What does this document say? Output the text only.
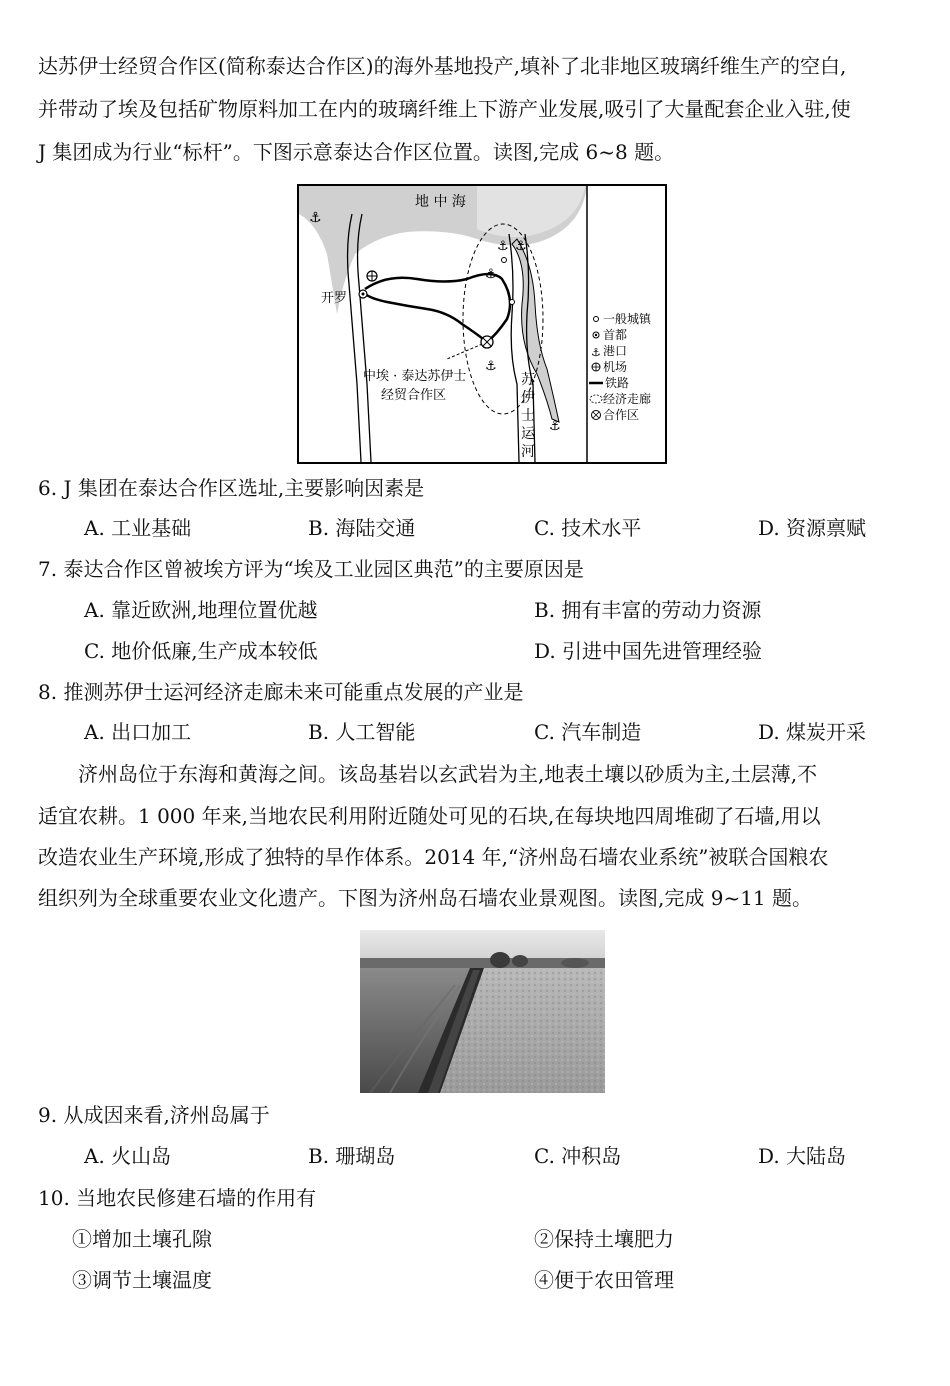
达苏伊士经贸合作区(简称泰达合作区)的海外基地投产,填补了北非地区玻璃纤维生产的空白,
并带动了埃及包括矿物原料加工在内的玻璃纤维上下游产业发展,吸引了大量配套企业入驻,使
J 集团成为行业“标杆”。下图示意泰达合作区位置。读图,完成 6~8 题。
⚓
⚓ ⚓
⚓
⚓
⚓
地 中 海
开罗
中埃 · 泰达苏伊士
经贸合作区
苏
伊
士
运
河
一般城镇
首都
⚓ 港口
机场
铁路
经济走廊
合作区
6. J 集团在泰达合作区选址,主要影响因素是
A. 工业基础	B. 海陆交通	C. 技术水平	D. 资源禀赋
7. 泰达合作区曾被埃方评为“埃及工业园区典范”的主要原因是
A. 靠近欧洲,地理位置优越	B. 拥有丰富的劳动力资源
C. 地价低廉,生产成本较低	D. 引进中国先进管理经验
8. 推测苏伊士运河经济走廊未来可能重点发展的产业是
A. 出口加工	B. 人工智能	C. 汽车制造	D. 煤炭开采
济州岛位于东海和黄海之间。该岛基岩以玄武岩为主,地表土壤以砂质为主,土层薄,不
适宜农耕。1 000 年来,当地农民利用附近随处可见的石块,在每块地四周堆砌了石墙,用以
改造农业生产环境,形成了独特的旱作体系。2014 年,“济州岛石墙农业系统”被联合国粮农
组织列为全球重要农业文化遗产。下图为济州岛石墙农业景观图。读图,完成 9~11 题。
9. 从成因来看,济州岛属于
A. 火山岛	B. 珊瑚岛	C. 冲积岛	D. 大陆岛
10. 当地农民修建石墙的作用有
①增加土壤孔隙	②保持土壤肥力
③调节土壤温度	④便于农田管理
